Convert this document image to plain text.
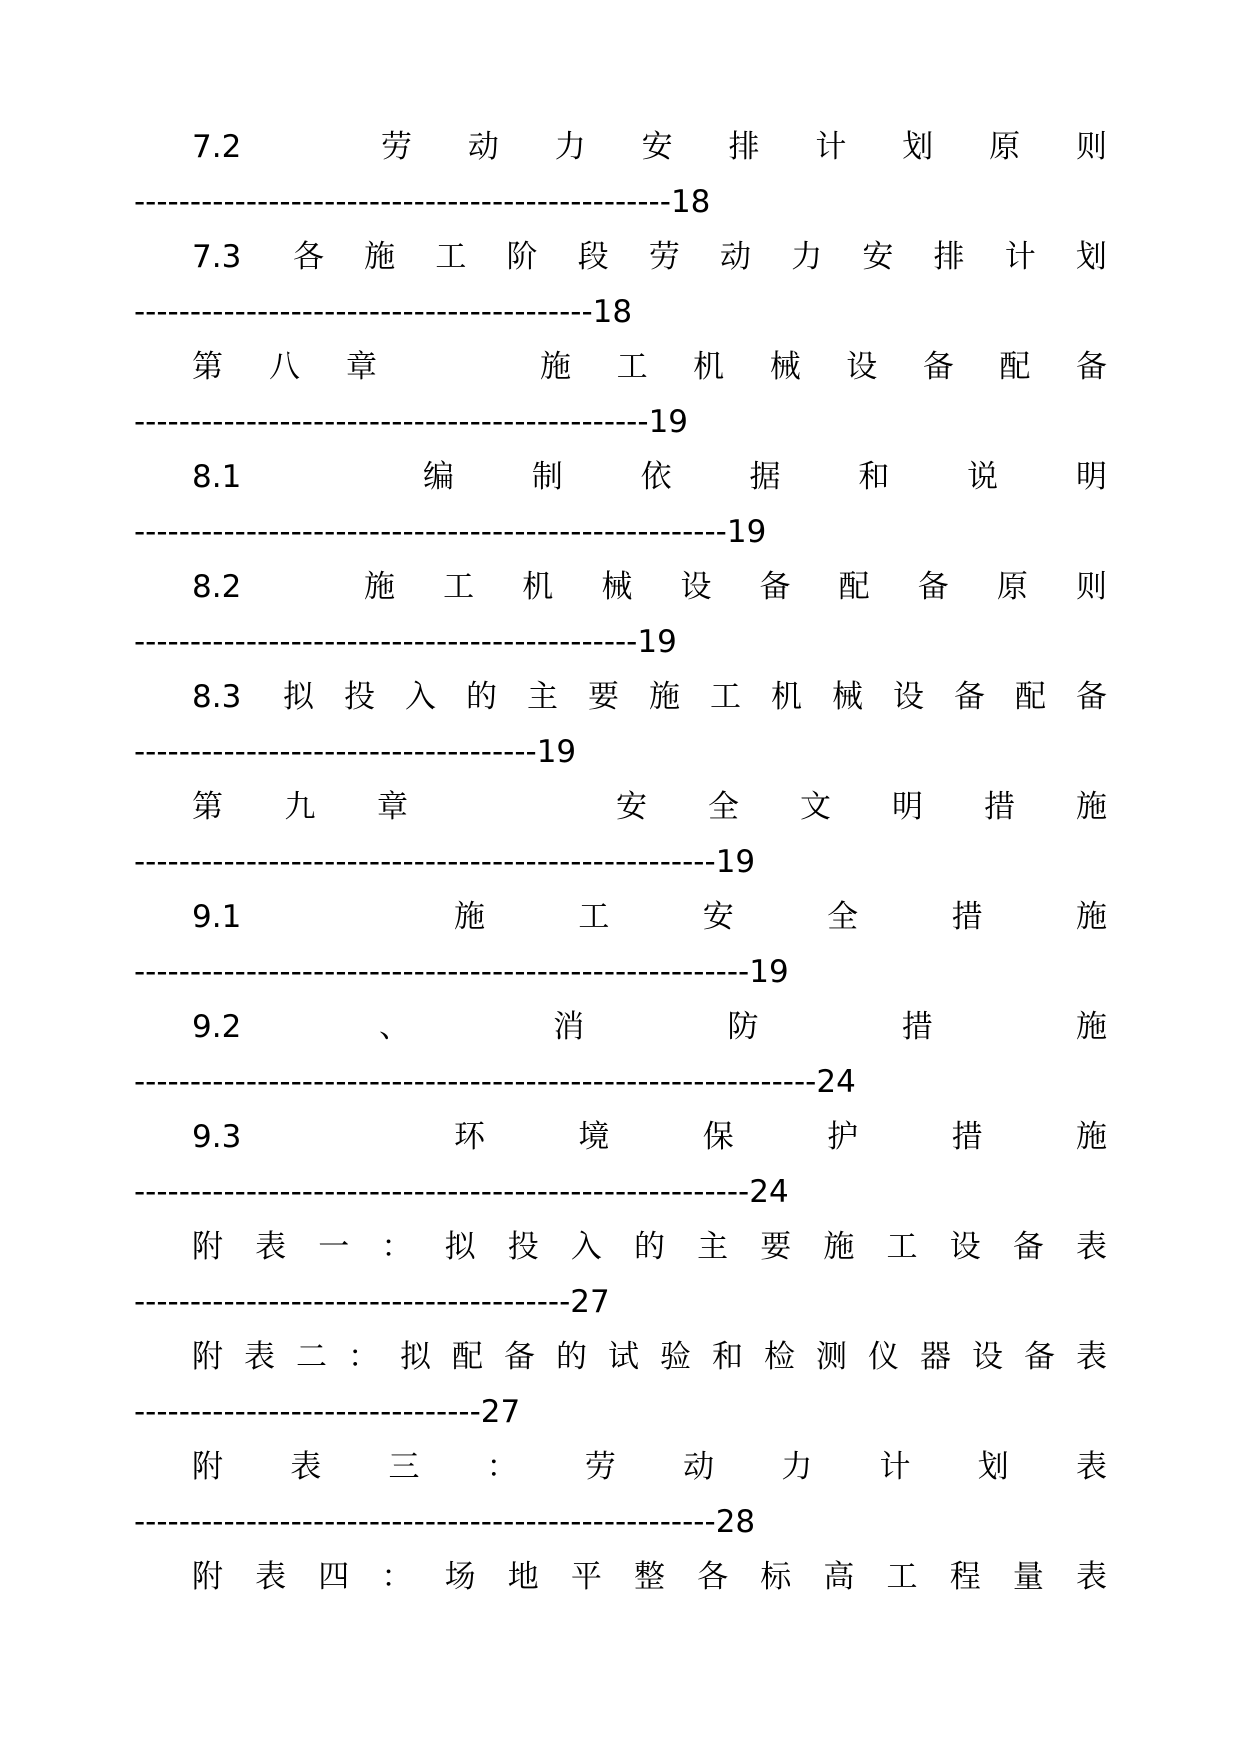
7.2	劳 动 力 安 排 计 划 原 则
------------------------------------------------18
7.3 各 施 工 阶 段 劳 动 力 安 排 计 划
-----------------------------------------18
第 八 章	施 工 机 械 设 备 配 备
----------------------------------------------19
8.1	编	制	依	据	和	说	明
-----------------------------------------------------19
8.2	施 工 机 械 设 备 配 备 原 则
---------------------------------------------19
8.3 拟 投 入 的 主 要 施 工 机 械 设 备 配 备
------------------------------------19
第 九 章	安 全 文 明 措 施
----------------------------------------------------19
9.1	施	工	安	全	措	施
-------------------------------------------------------19
9.2	、	消	防	措	施
-------------------------------------------------------------24
9.3	环	境	保	护	措	施
-------------------------------------------------------24
附 表 一 ： 拟 投 入 的 主 要 施 工 设 备 表
---------------------------------------27
附 表 二 ： 拟 配 备 的 试 验 和 检 测 仪 器 设 备 表
-------------------------------27
附 表 三 ： 劳 动 力 计 划 表
----------------------------------------------------28
附 表 四 ： 场 地 平 整 各 标 高 工 程 量 表
